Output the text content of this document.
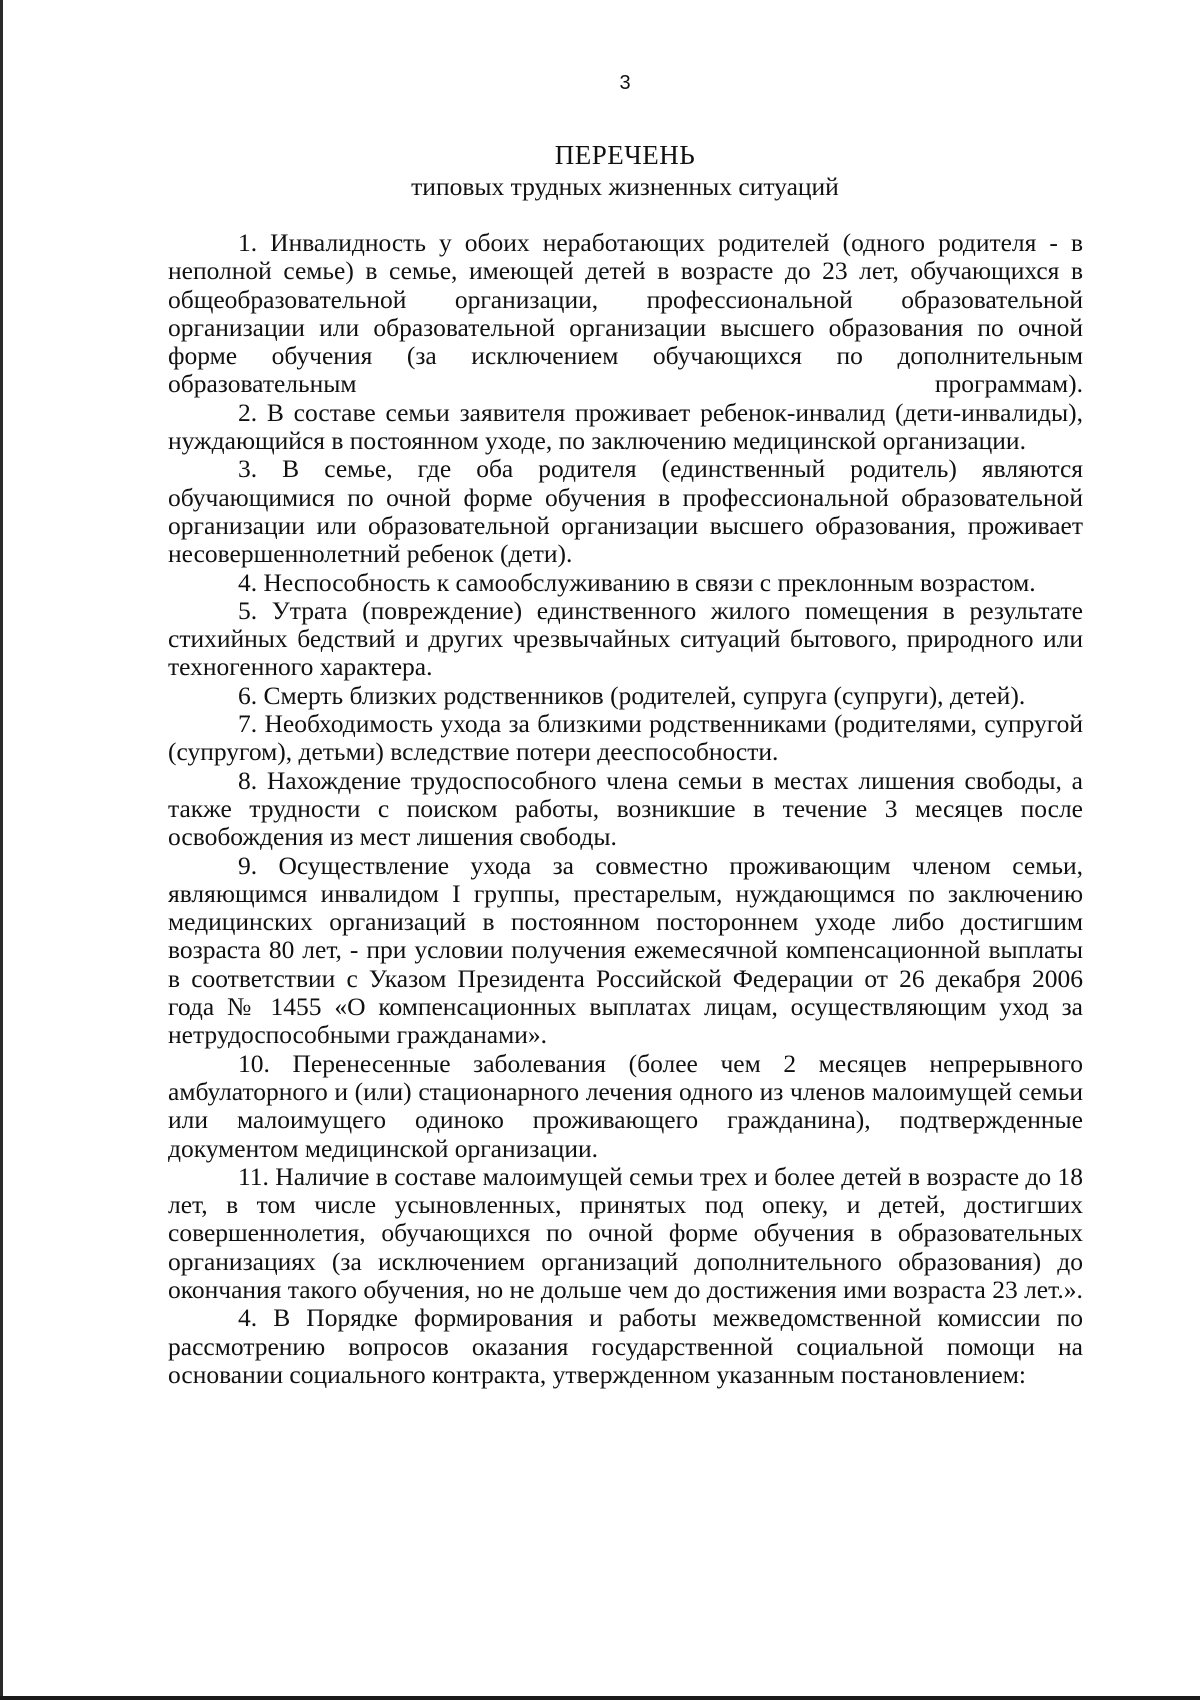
3
ПЕРЕЧЕНЬ
типовых трудных жизненных ситуаций

1. Инвалидность у обоих неработающих родителей (одного родителя - в неполной семье) в семье, имеющей детей в возрасте до 23 лет, обучающихся в общеобразовательной организации, профессиональной образовательной организации или образовательной организации высшего образования по очной форме обучения (за исключением обучающихся по дополнительным образовательным программам).

2. В составе семьи заявителя проживает ребенок-инвалид (дети-инвалиды), нуждающийся в постоянном уходе, по заключению медицинской организации.

3. В семье, где оба родителя (единственный родитель) являются обучающимися по очной форме обучения в профессиональной образовательной организации или образовательной организации высшего образования, проживает несовершеннолетний ребенок (дети).

4. Неспособность к самообслуживанию в связи с преклонным возрастом.

5. Утрата (повреждение) единственного жилого помещения в результате стихийных бедствий и других чрезвычайных ситуаций бытового, природного или техногенного характера.

6. Смерть близких родственников (родителей, супруга (супруги), детей).

7. Необходимость ухода за близкими родственниками (родителями, супругой (супругом), детьми) вследствие потери дееспособности.

8. Нахождение трудоспособного члена семьи в местах лишения свободы, а также трудности с поиском работы, возникшие в течение 3 месяцев после освобождения из мест лишения свободы.

9. Осуществление ухода за совместно проживающим членом семьи, являющимся инвалидом I группы, престарелым, нуждающимся по заключению медицинских организаций в постоянном постороннем уходе либо достигшим возраста 80 лет, - при условии получения ежемесячной компенсационной выплаты в соответствии с Указом Президента Российской Федерации от 26 декабря 2006 года № 1455 «О компенсационных выплатах лицам, осуществляющим уход за нетрудоспособными гражданами».

10. Перенесенные заболевания (более чем 2 месяцев непрерывного амбулаторного и (или) стационарного лечения одного из членов малоимущей семьи или малоимущего одиноко проживающего гражданина), подтвержденные документом медицинской организации.

11. Наличие в составе малоимущей семьи трех и более детей в возрасте до 18 лет, в том числе усыновленных, принятых под опеку, и детей, достигших совершеннолетия, обучающихся по очной форме обучения в образовательных организациях (за исключением организаций дополнительного образования) до окончания такого обучения, но не дольше чем до достижения ими возраста 23 лет.».

4. В Порядке формирования и работы межведомственной комиссии по рассмотрению вопросов оказания государственной социальной помощи на основании социального контракта, утвержденном указанным постановлением:
